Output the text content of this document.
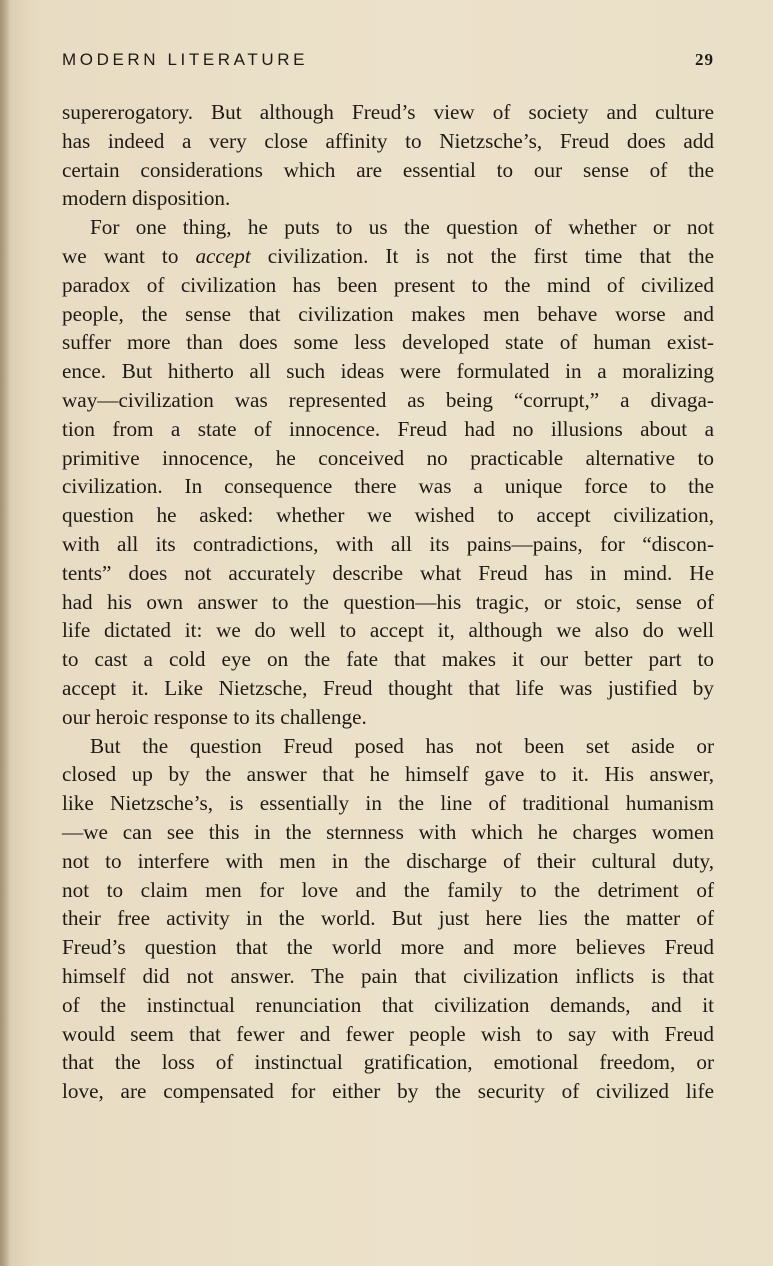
MODERN LITERATURE	29
supererogatory. But although Freud’s view of society and culture
has indeed a very close affinity to Nietzsche’s, Freud does add
certain considerations which are essential to our sense of the
modern disposition.
For one thing, he puts to us the question of whether or not
we want to accept civilization. It is not the first time that the
paradox of civilization has been present to the mind of civilized
people, the sense that civilization makes men behave worse and
suffer more than does some less developed state of human exist-
ence. But hitherto all such ideas were formulated in a moralizing
way—civilization was represented as being “corrupt,” a divaga-
tion from a state of innocence. Freud had no illusions about a
primitive innocence, he conceived no practicable alternative to
civilization. In consequence there was a unique force to the
question he asked: whether we wished to accept civilization,
with all its contradictions, with all its pains—pains, for “discon-
tents” does not accurately describe what Freud has in mind. He
had his own answer to the question—his tragic, or stoic, sense of
life dictated it: we do well to accept it, although we also do well
to cast a cold eye on the fate that makes it our better part to
accept it. Like Nietzsche, Freud thought that life was justified by
our heroic response to its challenge.
But the question Freud posed has not been set aside or
closed up by the answer that he himself gave to it. His answer,
like Nietzsche’s, is essentially in the line of traditional humanism
—we can see this in the sternness with which he charges women
not to interfere with men in the discharge of their cultural duty,
not to claim men for love and the family to the detriment of
their free activity in the world. But just here lies the matter of
Freud’s question that the world more and more believes Freud
himself did not answer. The pain that civilization inflicts is that
of the instinctual renunciation that civilization demands, and it
would seem that fewer and fewer people wish to say with Freud
that the loss of instinctual gratification, emotional freedom, or
love, are compensated for either by the security of civilized life
